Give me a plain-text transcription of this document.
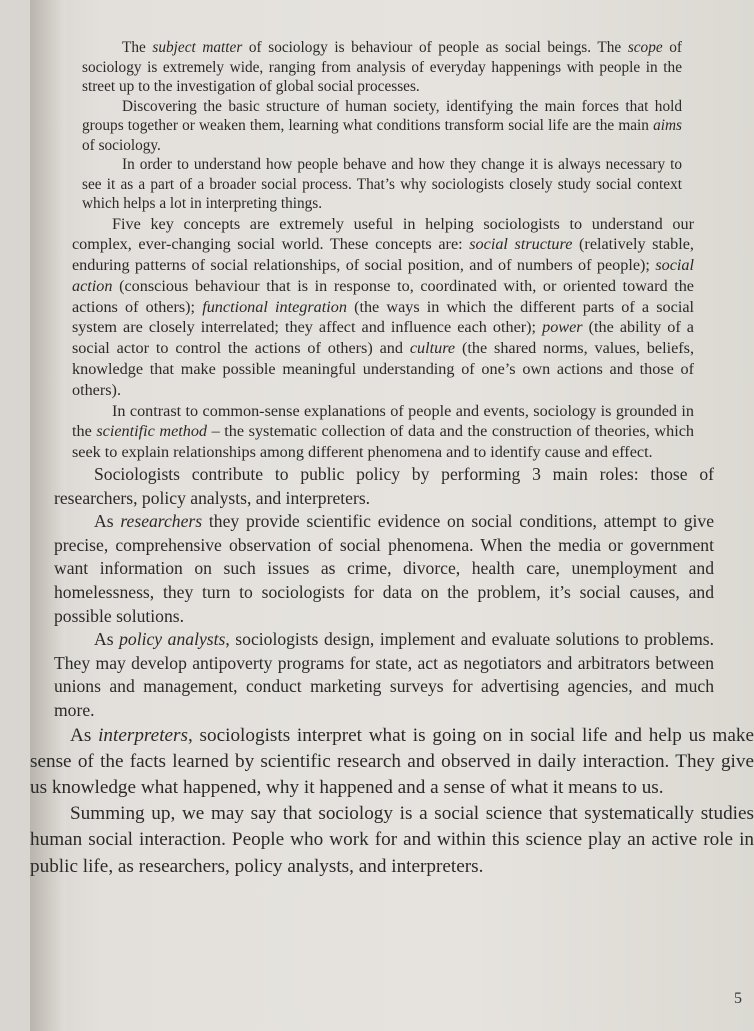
The subject matter of sociology is behaviour of people as social beings. The scope of sociology is extremely wide, ranging from analysis of everyday happenings with people in the street up to the investigation of global social processes.

Discovering the basic structure of human society, identifying the main forces that hold groups together or weaken them, learning what conditions transform social life are the main aims of sociology.

In order to understand how people behave and how they change it is always necessary to see it as a part of a broader social process. That’s why sociologists closely study social context which helps a lot in interpreting things.

Five key concepts are extremely useful in helping sociologists to understand our complex, ever-changing social world. These concepts are: social structure (relatively stable, enduring patterns of social relationships, of social position, and of numbers of people); social action (conscious behaviour that is in response to, coordinated with, or oriented toward the actions of others); functional integration (the ways in which the different parts of a social system are closely interrelated; they affect and influence each other); power (the ability of a social actor to control the actions of others) and culture (the shared norms, values, beliefs, knowledge that make possible meaningful understanding of one’s own actions and those of others).

In contrast to common-sense explanations of people and events, sociology is grounded in the scientific method – the systematic collection of data and the construction of theories, which seek to explain relationships among different phenomena and to identify cause and effect.

Sociologists contribute to public policy by performing 3 main roles: those of researchers, policy analysts, and interpreters.

As researchers they provide scientific evidence on social conditions, attempt to give precise, comprehensive observation of social phenomena. When the media or government want information on such issues as crime, divorce, health care, unemployment and homelessness, they turn to sociologists for data on the problem, it’s social causes, and possible solutions.

As policy analysts, sociologists design, implement and evaluate solutions to problems. They may develop antipoverty programs for state, act as negotiators and arbitrators between unions and management, conduct marketing surveys for advertising agencies, and much more.

As interpreters, sociologists interpret what is going on in social life and help us make sense of the facts learned by scientific research and observed in daily interaction. They give us knowledge what happened, why it happened and a sense of what it means to us.

Summing up, we may say that sociology is a social science that systematically studies human social interaction. People who work for and within this science play an active role in public life, as researchers, policy analysts, and interpreters.

5
